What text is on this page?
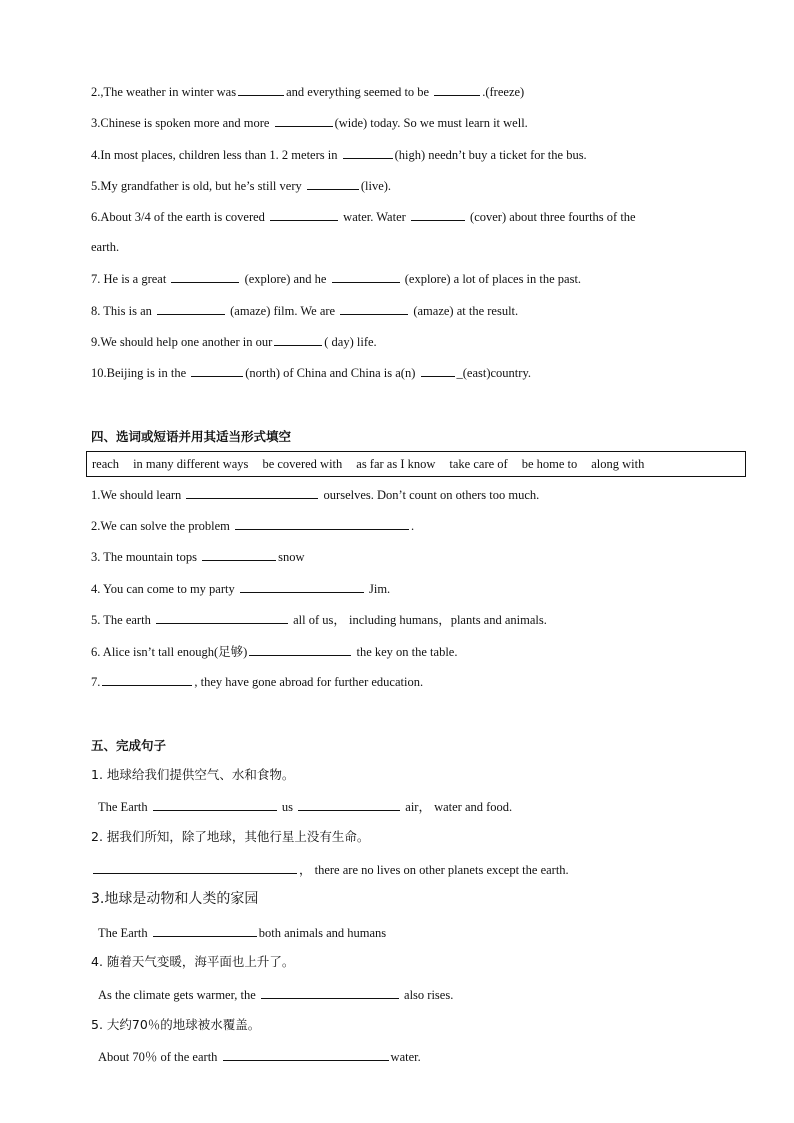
2.,The weather in winter was	and everything seemed to be	.(freeze)
3.Chinese is spoken more and more	(wide) today. So we must learn it well.
4.In most places, children less than 1. 2 meters in	(high) needn’t buy a ticket for the bus.
5.My grandfather is old, but he’s still very	(live).
6.About 3/4 of the earth is covered	water. Water	(cover) about three fourths of the
earth.
7. He is a great	(explore) and he	(explore) a lot of places in the past.
8. This is an	(amaze) film. We are	(amaze) at the result.
9.We should help one another in our	( day) life.
10.Beijing is in the	(north) of China and China is a(n)	_(east)country.
四、选词或短语并用其适当形式填空
reach in many different ways be covered with as far as I know take care of be home to along with
1.We should learn	ourselves. Don’t count on others too much.
2.We can solve the problem	.
3. The mountain tops	snow
4. You can come to my party	Jim.
5. The earth	all of us， including humans，plants and animals.
6. Alice isn’t tall enough(足够)	the key on the table.
7.	, they have gone abroad for further education.
五、完成句子
1. 地球给我们提供空气、水和食物。
The Earth	us	air， water and food.
2. 据我们所知，除了地球，其他行星上没有生命。
， there are no lives on other planets except the earth.
3.地球是动物和人类的家园
The Earth	both animals and humans
4. 随着天气变暖，海平面也上升了。
As the climate gets warmer, the	also rises.
5. 大约70％的地球被水覆盖。
About 70％ of the earth	water.
